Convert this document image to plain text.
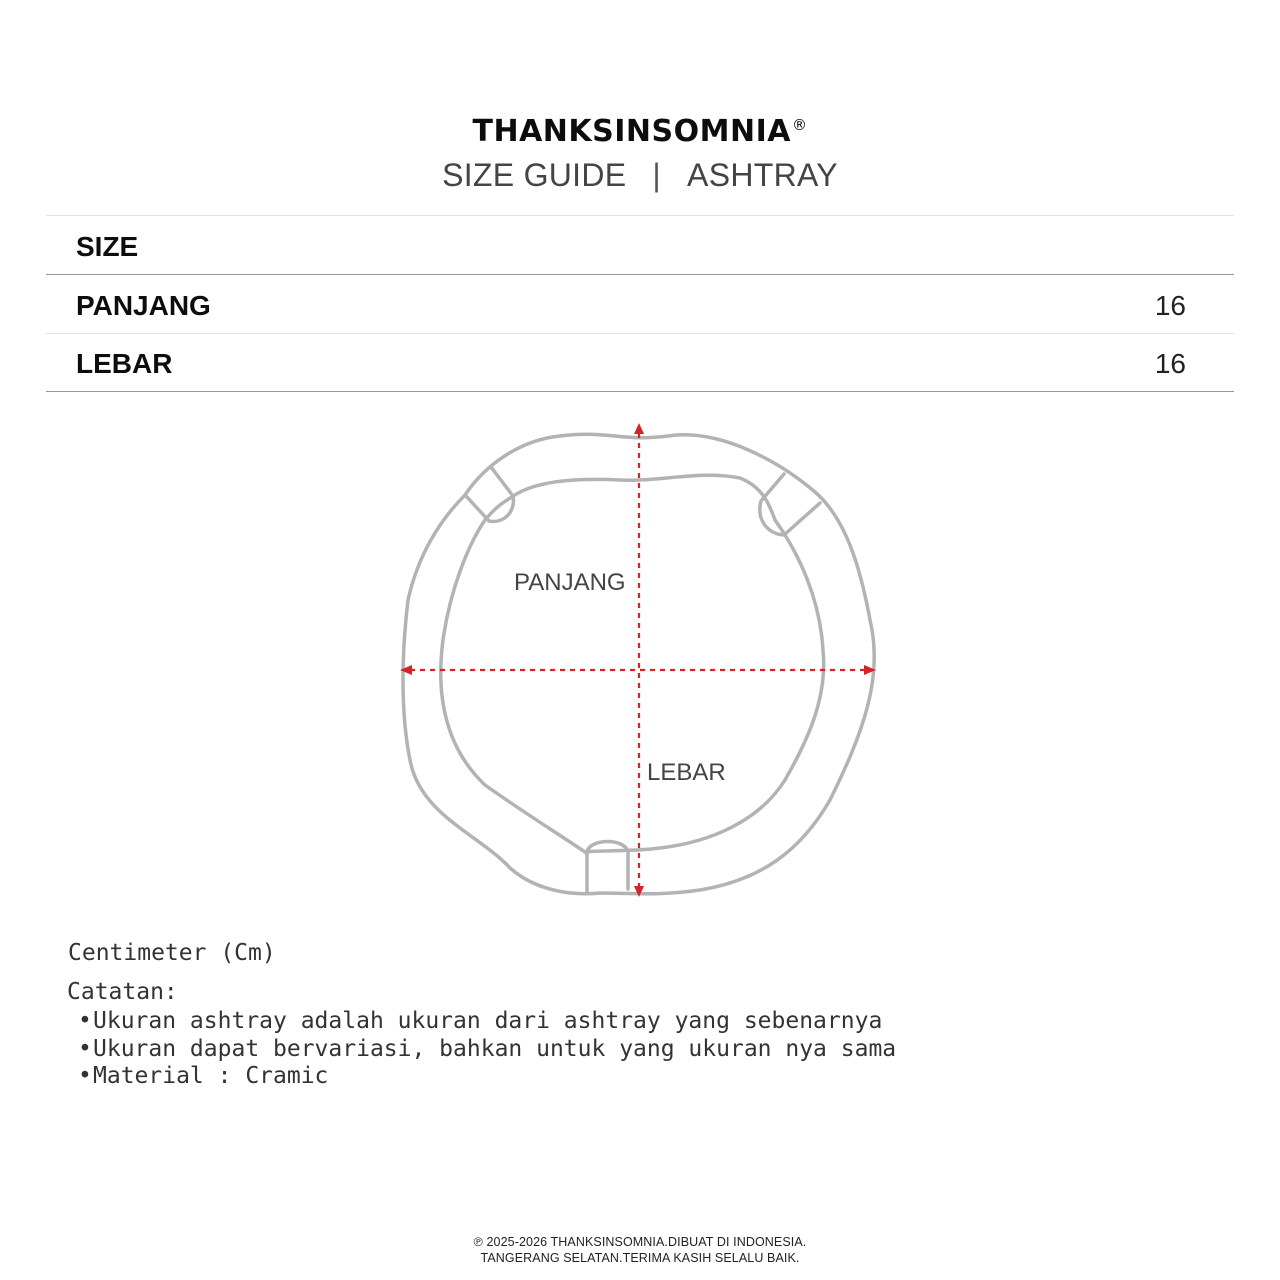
THANKSINSOMNIA®
SIZE GUIDE | ASHTRAY
SIZE
PANJANG	16
LEBAR	16
PANJANG
LEBAR
Centimeter (Cm)
Catatan:
•Ukuran ashtray adalah ukuran dari ashtray yang sebenarnya
•Ukuran dapat bervariasi, bahkan untuk yang ukuran nya sama
•Material : Cramic
℗ 2025-2026 THANKSINSOMNIA.DIBUAT DI INDONESIA.
TANGERANG SELATAN.TERIMA KASIH SELALU BAIK.
